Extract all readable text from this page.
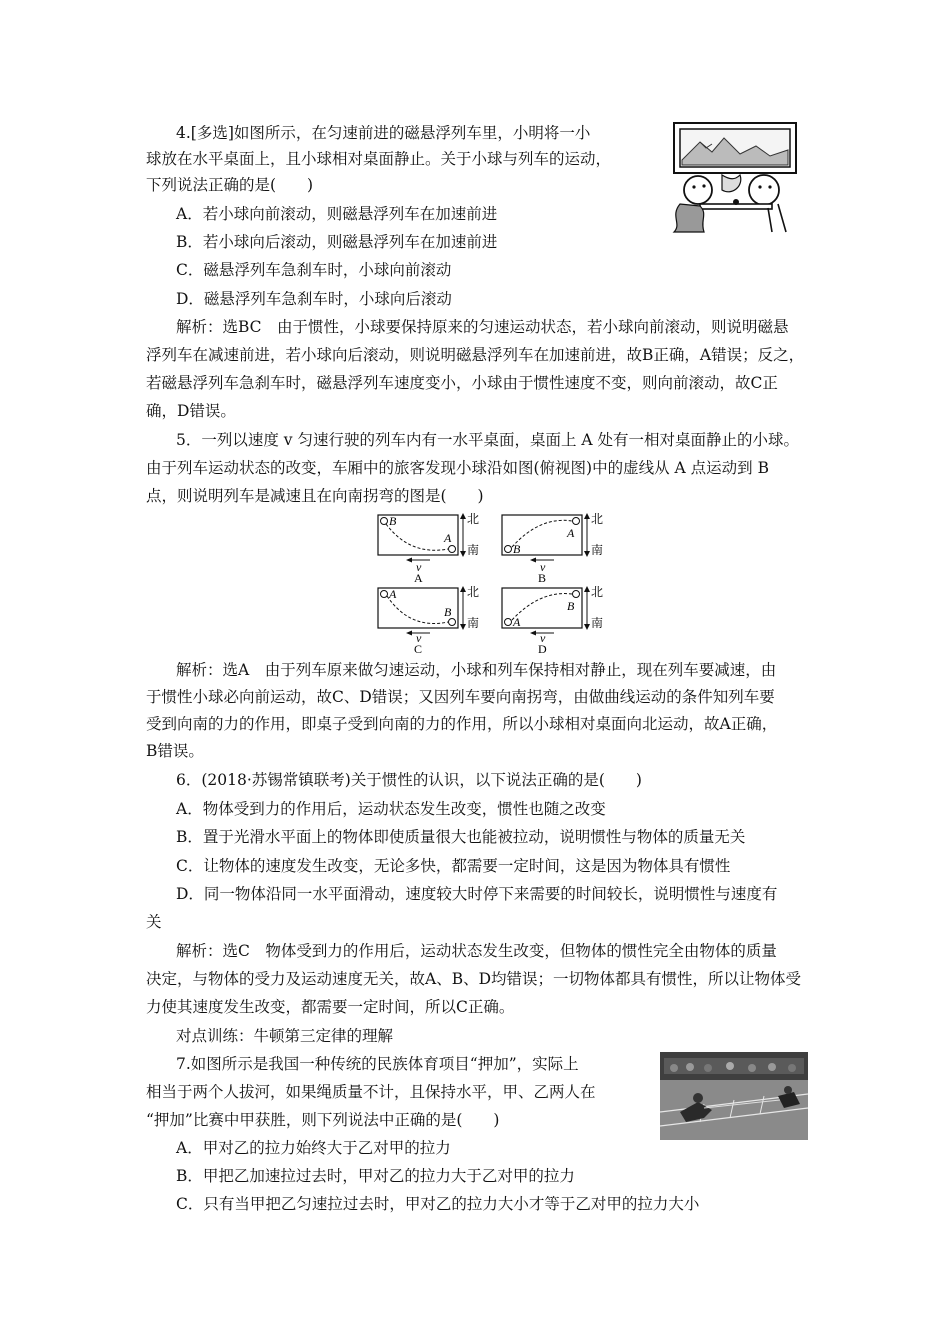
4.[多选]如图所示，在匀速前进的磁悬浮列车里，小明将一小
球放在水平桌面上，且小球相对桌面静止。关于小球与列车的运动，
下列说法正确的是(　　)
A．若小球向前滚动，则磁悬浮列车在加速前进
B．若小球向后滚动，则磁悬浮列车在加速前进
C．磁悬浮列车急刹车时，小球向前滚动
D．磁悬浮列车急刹车时，小球向后滚动
解析：选BC　由于惯性，小球要保持原来的匀速运动状态，若小球向前滚动，则说明磁悬
浮列车在减速前进，若小球向后滚动，则说明磁悬浮列车在加速前进，故B正确，A错误；反之，
若磁悬浮列车急刹车时，磁悬浮列车速度变小，小球由于惯性速度不变，则向前滚动，故C正
确，D错误。
5．一列以速度 v 匀速行驶的列车内有一水平桌面，桌面上 A 处有一相对桌面静止的小球。
由于列车运动状态的改变，车厢中的旅客发现小球沿如图(俯视图)中的虚线从 A 点运动到 B
点，则说明列车是减速且在向南拐弯的图是(　　)
B
A
北
南
v
A
A
B
北
南
v
B
A
B
北
南
v
C
B
A
北
南
v
D
解析：选A　由于列车原来做匀速运动，小球和列车保持相对静止，现在列车要减速，由
于惯性小球必向前运动，故C、D错误；又因列车要向南拐弯，由做曲线运动的条件知列车要
受到向南的力的作用，即桌子受到向南的力的作用，所以小球相对桌面向北运动，故A正确，
B错误。
6．(2018·苏锡常镇联考)关于惯性的认识，以下说法正确的是(　　)
A．物体受到力的作用后，运动状态发生改变，惯性也随之改变
B．置于光滑水平面上的物体即使质量很大也能被拉动，说明惯性与物体的质量无关
C．让物体的速度发生改变，无论多快，都需要一定时间，这是因为物体具有惯性
D．同一物体沿同一水平面滑动，速度较大时停下来需要的时间较长，说明惯性与速度有
关
解析：选C　物体受到力的作用后，运动状态发生改变，但物体的惯性完全由物体的质量
决定，与物体的受力及运动速度无关，故A、B、D均错误；一切物体都具有惯性，所以让物体受
力使其速度发生改变，都需要一定时间，所以C正确。
对点训练：牛顿第三定律的理解
7.如图所示是我国一种传统的民族体育项目“押加”，实际上
相当于两个人拔河，如果绳质量不计，且保持水平，甲、乙两人在
“押加”比赛中甲获胜，则下列说法中正确的是(　　)
A．甲对乙的拉力始终大于乙对甲的拉力
B．甲把乙加速拉过去时，甲对乙的拉力大于乙对甲的拉力
C．只有当甲把乙匀速拉过去时，甲对乙的拉力大小才等于乙对甲的拉力大小
